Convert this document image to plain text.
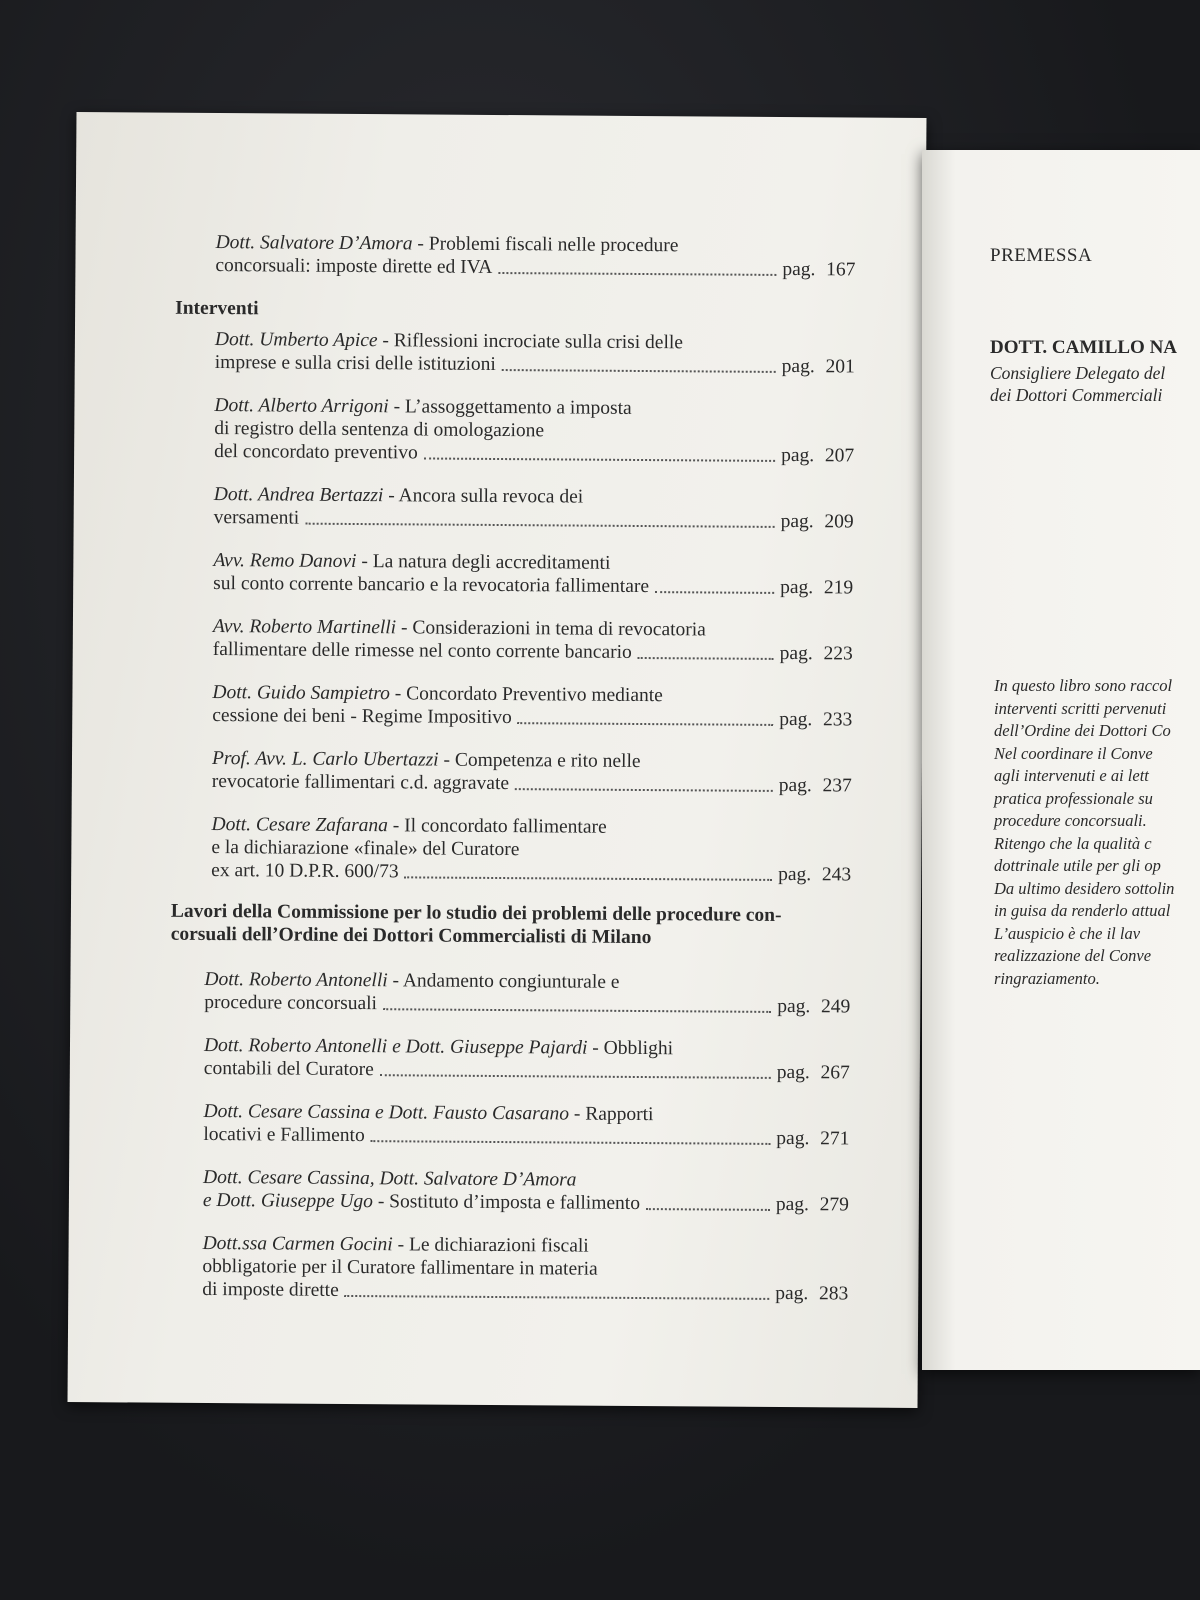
Dott. Salvatore D’Amora - Problemi fiscali nelle procedure
concorsuali: imposte dirette ed IVA	pag. 167
Interventi
Dott. Umberto Apice - Riflessioni incrociate sulla crisi delle
imprese e sulla crisi delle istituzioni	pag. 201
Dott. Alberto Arrigoni - L’assoggettamento a imposta
di registro della sentenza di omologazione
del concordato preventivo	pag. 207
Dott. Andrea Bertazzi - Ancora sulla revoca dei
versamenti	pag. 209
Avv. Remo Danovi - La natura degli accreditamenti
sul conto corrente bancario e la revocatoria fallimentare	pag. 219
Avv. Roberto Martinelli - Considerazioni in tema di revocatoria
fallimentare delle rimesse nel conto corrente bancario	pag. 223
Dott. Guido Sampietro - Concordato Preventivo mediante
cessione dei beni - Regime Impositivo	pag. 233
Prof. Avv. L. Carlo Ubertazzi - Competenza e rito nelle
revocatorie fallimentari c.d. aggravate	pag. 237
Dott. Cesare Zafarana - Il concordato fallimentare
e la dichiarazione «finale» del Curatore
ex art. 10 D.P.R. 600/73	pag. 243
Lavori della Commissione per lo studio dei problemi delle procedure con-
corsuali dell’Ordine dei Dottori Commercialisti di Milano
Dott. Roberto Antonelli - Andamento congiunturale e
procedure concorsuali	pag. 249
Dott. Roberto Antonelli e Dott. Giuseppe Pajardi - Obblighi
contabili del Curatore	pag. 267
Dott. Cesare Cassina e Dott. Fausto Casarano - Rapporti
locativi e Fallimento	pag. 271
Dott. Cesare Cassina, Dott. Salvatore D’Amora
e Dott. Giuseppe Ugo - Sostituto d’imposta e fallimento	pag. 279
Dott.ssa Carmen Gocini - Le dichiarazioni fiscali
obbligatorie per il Curatore fallimentare in materia
di imposte dirette	pag. 283
PREMESSA
DOTT. CAMILLO NA
Consigliere Delegato del
dei Dottori Commerciali
In questo libro sono raccol
interventi scritti pervenuti
dell’Ordine dei Dottori Co
Nel coordinare il Conve
agli intervenuti e ai lett
pratica professionale su
procedure concorsuali.
Ritengo che la qualità c
dottrinale utile per gli op
Da ultimo desidero sottolin
in guisa da renderlo attual
L’auspicio è che il lav
realizzazione del Conve
ringraziamento.
